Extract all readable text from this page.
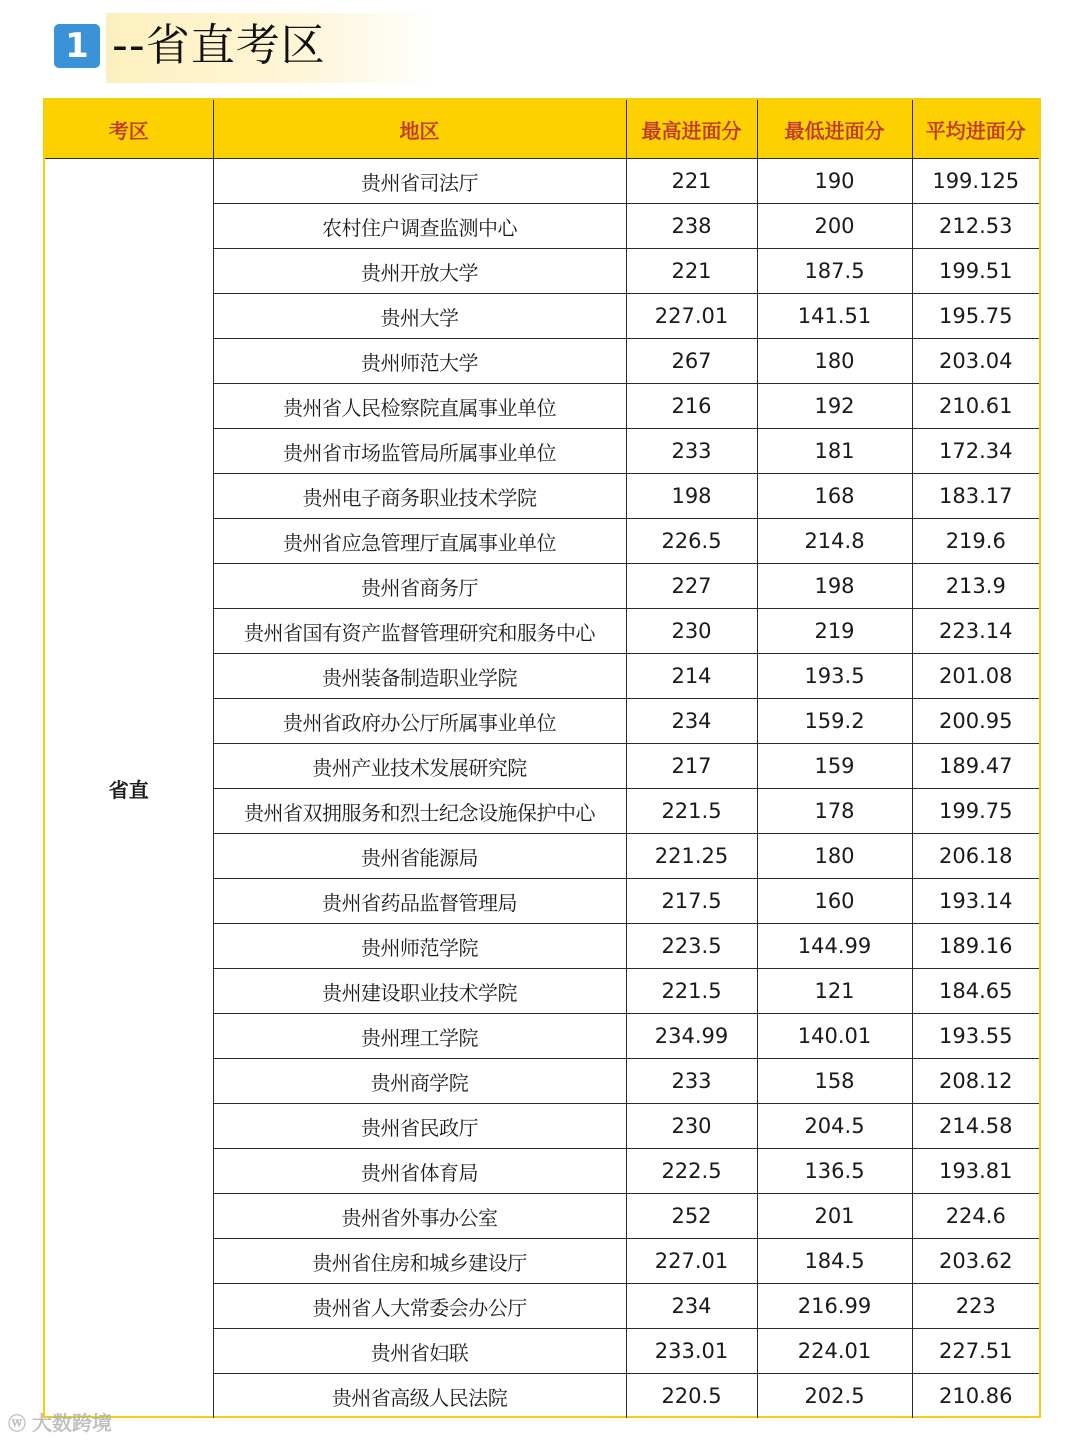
1 --省直考区
考区	地区	最高进面分	最低进面分	平均进面分
省直	贵州省司法厅	221	190	199.125
	农村住户调查监测中心	238	200	212.53
	贵州开放大学	221	187.5	199.51
	贵州大学	227.01	141.51	195.75
	贵州师范大学	267	180	203.04
	贵州省人民检察院直属事业单位	216	192	210.61
	贵州省市场监管局所属事业单位	233	181	172.34
	贵州电子商务职业技术学院	198	168	183.17
	贵州省应急管理厅直属事业单位	226.5	214.8	219.6
	贵州省商务厅	227	198	213.9
	贵州省国有资产监督管理研究和服务中心	230	219	223.14
	贵州装备制造职业学院	214	193.5	201.08
	贵州省政府办公厅所属事业单位	234	159.2	200.95
	贵州产业技术发展研究院	217	159	189.47
	贵州省双拥服务和烈士纪念设施保护中心	221.5	178	199.75
	贵州省能源局	221.25	180	206.18
	贵州省药品监督管理局	217.5	160	193.14
	贵州师范学院	223.5	144.99	189.16
	贵州建设职业技术学院	221.5	121	184.65
	贵州理工学院	234.99	140.01	193.55
	贵州商学院	233	158	208.12
	贵州省民政厅	230	204.5	214.58
	贵州省体育局	222.5	136.5	193.81
	贵州省外事办公室	252	201	224.6
	贵州省住房和城乡建设厅	227.01	184.5	203.62
	贵州省人大常委会办公厅	234	216.99	223
	贵州省妇联	233.01	224.01	227.51
	贵州省高级人民法院	220.5	202.5	210.86
ⓦ 大数跨境
